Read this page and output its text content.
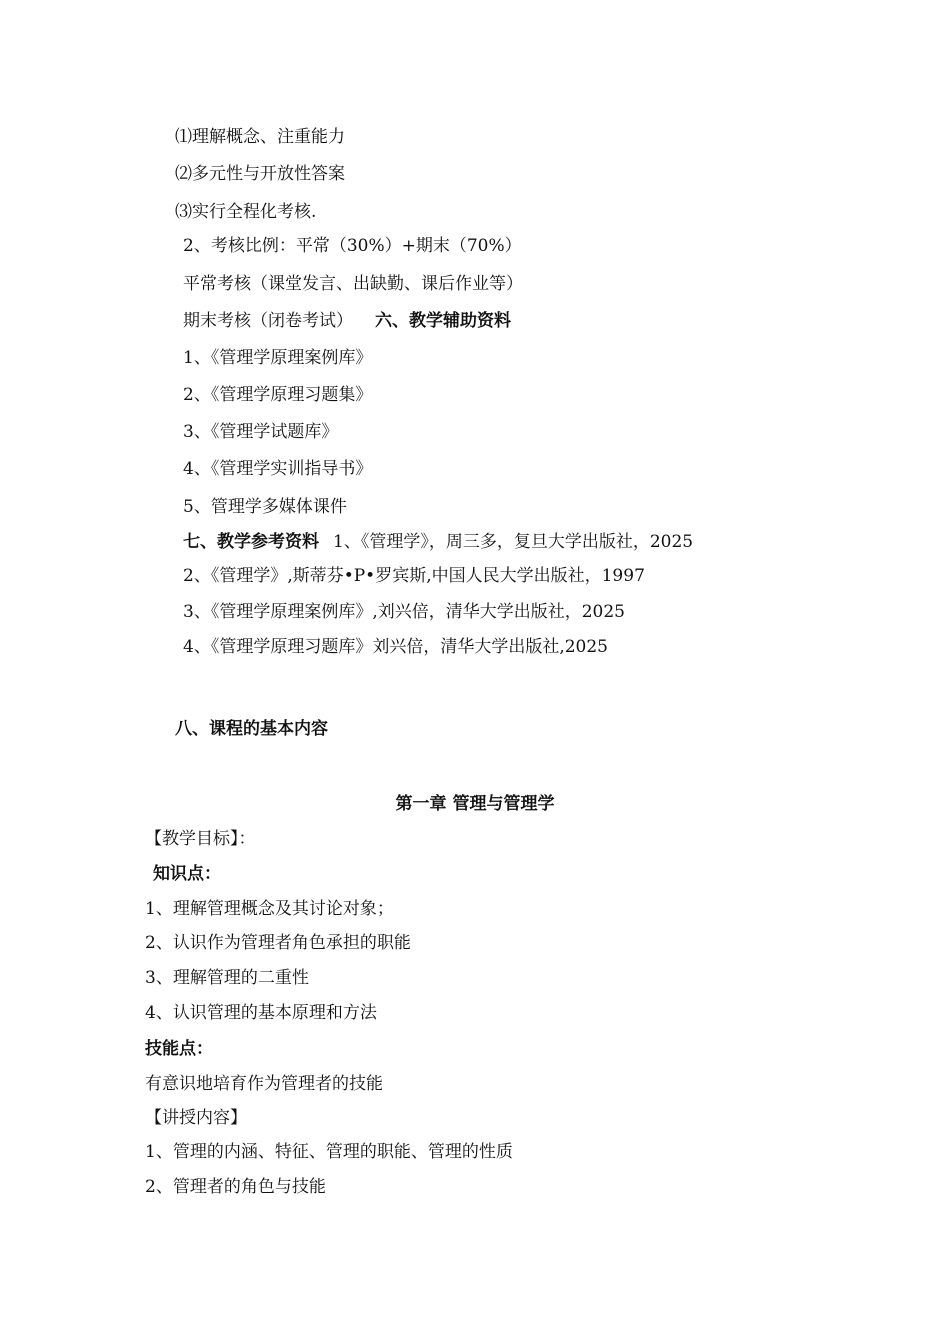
⑴理解概念、注重能力
⑵多元性与开放性答案
⑶实行全程化考核.
2、考核比例：平常（30%）+期末（70%）
平常考核（课堂发言、出缺勤、课后作业等）
期末考核（闭卷考试） 六、教学辅助资料
1、《管理学原理案例库》
2、《管理学原理习题集》
3、《管理学试题库》
4、《管理学实训指导书》
5、管理学多媒体课件
七、教学参考资料 1、《管理学》，周三多，复旦大学出版社，2025
2、《管理学》,斯蒂芬•P•罗宾斯,中国人民大学出版社，1997
3、《管理学原理案例库》,刘兴倍，清华大学出版社，2025
4、《管理学原理习题库》刘兴倍，清华大学出版社,2025
八、课程的基本内容
第一章 管理与管理学
【教学目标】：
知识点：
1、理解管理概念及其讨论对象；
2、认识作为管理者角色承担的职能
3、理解管理的二重性
4、认识管理的基本原理和方法
技能点：
有意识地培育作为管理者的技能
【讲授内容】
1、管理的内涵、特征、管理的职能、管理的性质
2、管理者的角色与技能
